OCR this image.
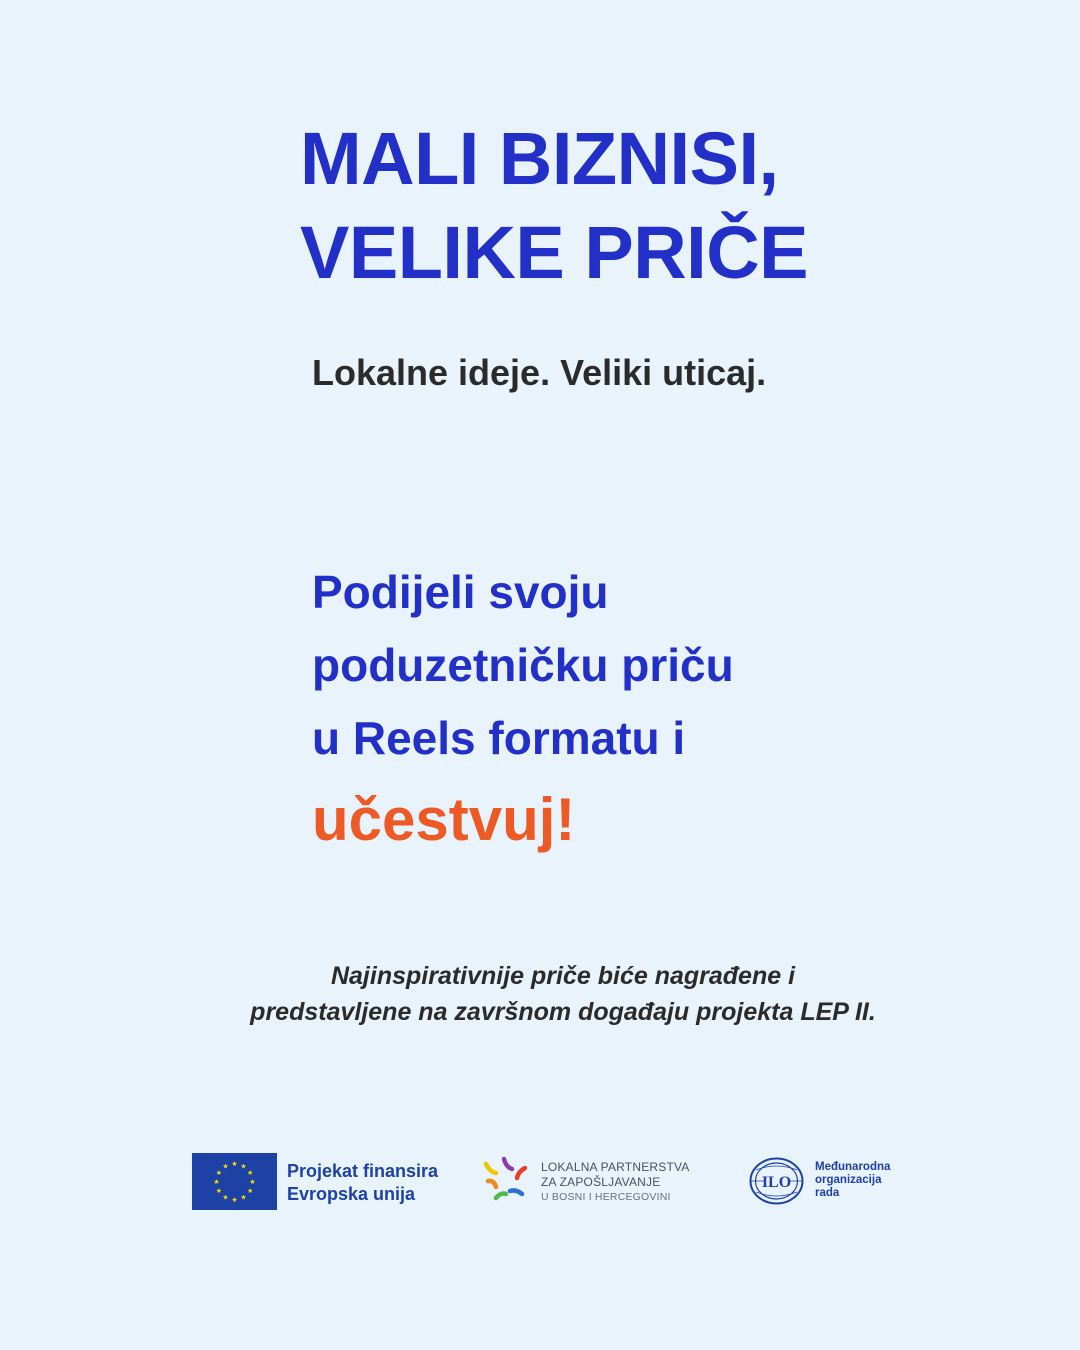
MALI BIZNISI,
VELIKE PRIČE
Lokalne ideje. Veliki uticaj.
Podijeli svoju
poduzetničku priču
u Reels formatu i
učestvuj!
Najinspirativnije priče biće nagrađene i
predstavljene na završnom događaju projekta LEP II.
★ ★
★
★
★
★
★
★
★
★
★
★	Projekat finansira
Evropska unija
LOKALNA PARTNERSTVA
ZA ZAPOŠLJAVANJE
U BOSNI I HERCEGOVINI
ILO
Međunarodna
organizacija
rada
